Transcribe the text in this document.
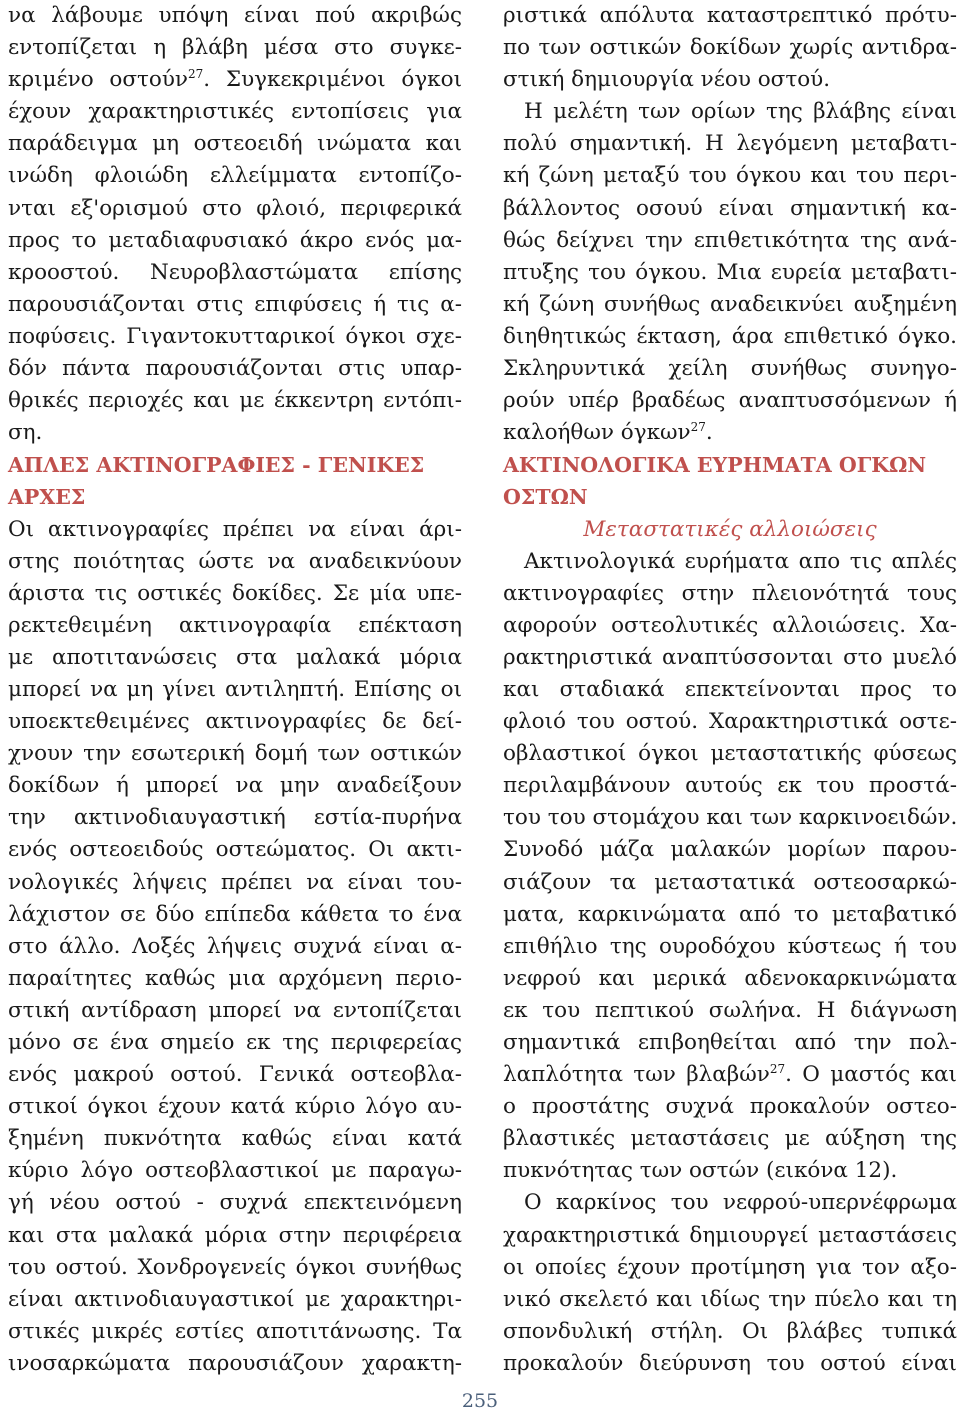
να λάβουμε υπόψη είναι πού ακριβώς
εντοπίζεται η βλάβη μέσα στο συγκε-
κριμένο οστούν$^{27}$. Συγκεκριμένοι όγκοι
έχουν χαρακτηριστικές εντοπίσεις για
παράδειγμα μη οστεοειδή ινώματα και
ινώδη φλοιώδη ελλείμματα εντοπίζο-
νται εξ'ορισμού στο φλοιό, περιφερικά
προς το μεταδιαφυσιακό άκρο ενός μα-
κροοστού. Νευροβλαστώματα επίσης
παρουσιάζονται στις επιφύσεις ή τις α-
ποφύσεις. Γιγαντοκυτταρικοί όγκοι σχε-
δόν πάντα παρουσιάζονται στις υπαρ-
θρικές περιοχές και με έκκεντρη εντόπι-
ση.
ΑΠΛΕΣ ΑΚΤΙΝΟΓΡΑΦΙΕΣ - ΓΕΝΙΚΕΣ
ΑΡΧΕΣ
Οι ακτινογραφίες πρέπει να είναι άρι-
στης ποιότητας ώστε να αναδεικνύουν
άριστα τις οστικές δοκίδες. Σε μία υπε-
ρεκτεθειμένη ακτινογραφία επέκταση
με αποτιτανώσεις στα μαλακά μόρια
μπορεί να μη γίνει αντιληπτή. Επίσης οι
υποεκτεθειμένες ακτινογραφίες δε δεί-
χνουν την εσωτερική δομή των οστικών
δοκίδων ή μπορεί να μην αναδείξουν
την ακτινοδιαυγαστική εστία-πυρήνα
ενός οστεοειδούς οστεώματος. Οι ακτι-
νολογικές λήψεις πρέπει να είναι του-
λάχιστον σε δύο επίπεδα κάθετα το ένα
στο άλλο. Λοξές λήψεις συχνά είναι α-
παραίτητες καθώς μια αρχόμενη περιο-
στική αντίδραση μπορεί να εντοπίζεται
μόνο σε ένα σημείο εκ της περιφερείας
ενός μακρού οστού. Γενικά οστεοβλα-
στικοί όγκοι έχουν κατά κύριο λόγο αυ-
ξημένη πυκνότητα καθώς είναι κατά
κύριο λόγο οστεοβλαστικοί με παραγω-
γή νέου οστού - συχνά επεκτεινόμενη
και στα μαλακά μόρια στην περιφέρεια
του οστού. Χονδρογενείς όγκοι συνήθως
είναι ακτινοδιαυγαστικοί με χαρακτηρι-
στικές μικρές εστίες αποτιτάνωσης. Τα
ινοσαρκώματα παρουσιάζουν χαρακτη-
ριστικά απόλυτα καταστρεπτικό πρότυ-
πο των οστικών δοκίδων χωρίς αντιδρα-
στική δημιουργία νέου οστού.
Η μελέτη των ορίων της βλάβης είναι
πολύ σημαντική. Η λεγόμενη μεταβατι-
κή ζώνη μεταξύ του όγκου και του περι-
βάλλοντος οσουύ είναι σημαντική κα-
θώς δείχνει την επιθετικότητα της ανά-
πτυξης του όγκου. Μια ευρεία μεταβατι-
κή ζώνη συνήθως αναδεικνύει αυξημένη
διηθητικώς έκταση, άρα επιθετικό όγκο.
Σκληρυντικά χείλη συνήθως συνηγο-
ρούν υπέρ βραδέως αναπτυσσόμενων ή
καλοήθων όγκων$^{27}$.
ΑΚΤΙΝΟΛΟΓΙΚΑ ΕΥΡΗΜΑΤΑ ΟΓΚΩΝ
ΟΣΤΩΝ
Μεταστατικές αλλοιώσεις
Ακτινολογικά ευρήματα απο τις απλές
ακτινογραφίες στην πλειονότητά τους
αφορούν οστεολυτικές αλλοιώσεις. Χα-
ρακτηριστικά αναπτύσσονται στο μυελό
και σταδιακά επεκτείνονται προς το
φλοιό του οστού. Χαρακτηριστικά οστε-
οβλαστικοί όγκοι μεταστατικής φύσεως
περιλαμβάνουν αυτούς εκ του προστά-
του του στομάχου και των καρκινοειδών.
Συνοδό μάζα μαλακών μορίων παρου-
σιάζουν τα μεταστατικά οστεοσαρκώ-
ματα, καρκινώματα από το μεταβατικό
επιθήλιο της ουροδόχου κύστεως ή του
νεφρού και μερικά αδενοκαρκινώματα
εκ του πεπτικού σωλήνα. Η διάγνωση
σημαντικά επιβοηθείται από την πολ-
λαπλότητα των βλαβών$^{27}$. Ο μαστός και
ο προστάτης συχνά προκαλούν οστεο-
βλαστικές μεταστάσεις με αύξηση της
πυκνότητας των οστών (εικόνα 12).
Ο καρκίνος του νεφρού-υπερνέφρωμα
χαρακτηριστικά δημιουργεί μεταστάσεις
οι οποίες έχουν προτίμηση για τον αξο-
νικό σκελετό και ιδίως την πύελο και τη
σπονδυλική στήλη. Οι βλάβες τυπικά
προκαλούν διεύρυνση του οστού είναι
255
